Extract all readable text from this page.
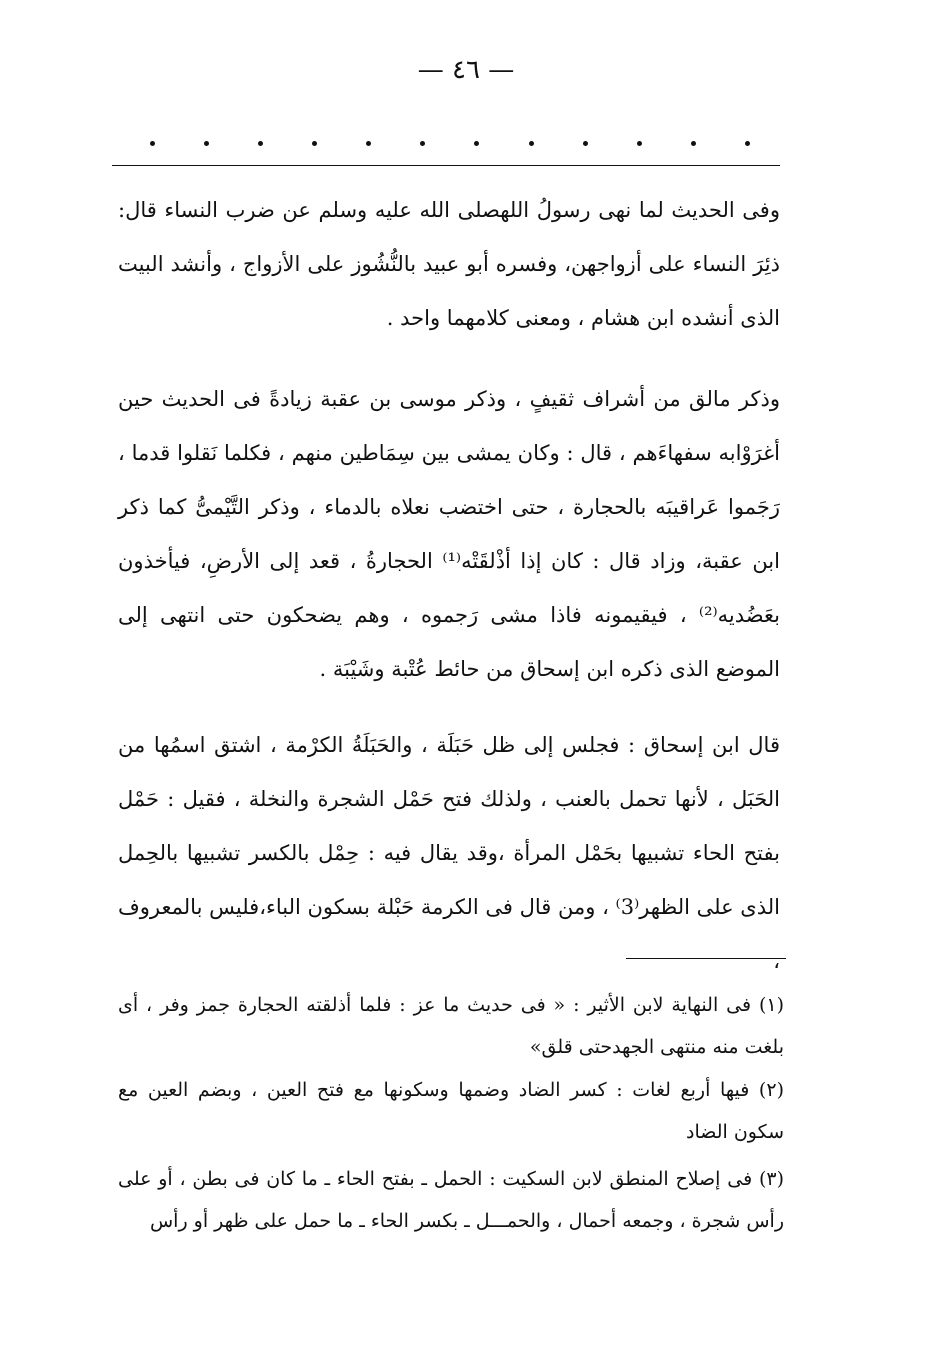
— ٤٦ —

وفى الحديث لما نهى رسولُ اللهصلى الله عليه وسلم عن ضرب النساء قال: ذئِرَ النساء على أزواجهن، وفسره أبو عبيد بالنُّشُوز على الأزواج ، وأنشد البيت الذى أنشده ابن هشام ، ومعنى كلامهما واحد .

وذكر مالق من أشراف ثقيفٍ ، وذكر موسى بن عقبة زيادةً فى الحديث حين أغرَوْابه سفهاءَهم ، قال : وكان يمشى بين سِمَاطين منهم ، فكلما نَقلوا قدما ، رَجَموا عَراقيبَه بالحجارة ، حتى اختضب نعلاه بالدماء ، وذكر التَّيْمىُّ كما ذكر ابن عقبة، وزاد قال : كان إذا أذْلقَتْه⁽¹⁾ الحجارةُ ، قعد إلى الأرضِ، فيأخذون بعَضُديه⁽²⁾ ، فيقيمونه فاذا مشى رَجموه ، وهم يضحكون حتى انتهى إلى الموضع الذى ذكره ابن إسحاق من حائط عُتْبة وشَيْبَة .

قال ابن إسحاق : فجلس إلى ظل حَبَلَة ، والحَبَلَةُ الكرْمة ، اشتق اسمُها من الحَبَل ، لأنها تحمل بالعنب ، ولذلك فتح حَمْل الشجرة والنخلة ، فقيل : حَمْل بفتح الحاء تشبيها بحَمْل المرأة ،وقد يقال فيه : حِمْل بالكسر تشبيها بالحِمل الذى على الظهر⁽3⁾ ، ومن قال فى الكرمة حَبْلة بسكون الباء،فليس بالمعروف ،

(١) فى النهاية لابن الأثير : « فى حديث ما عز : فلما أذلقته الحجارة جمز وفر ، أى بلغت منه منتهى الجهدحتى قلق»

(٢) فيها أربع لغات : كسر الضاد وضمها وسكونها مع فتح العين ، وبضم العين مع سكون الضاد

(٣) فى إصلاح المنطق لابن السكيت : الحمل ـ بفتح الحاء ـ ما كان فى بطن ، أو على رأس شجرة ، وجمعه أحمال ، والحمـــل ـ بكسر الحاء ـ ما حمل على ظهر أو رأس
